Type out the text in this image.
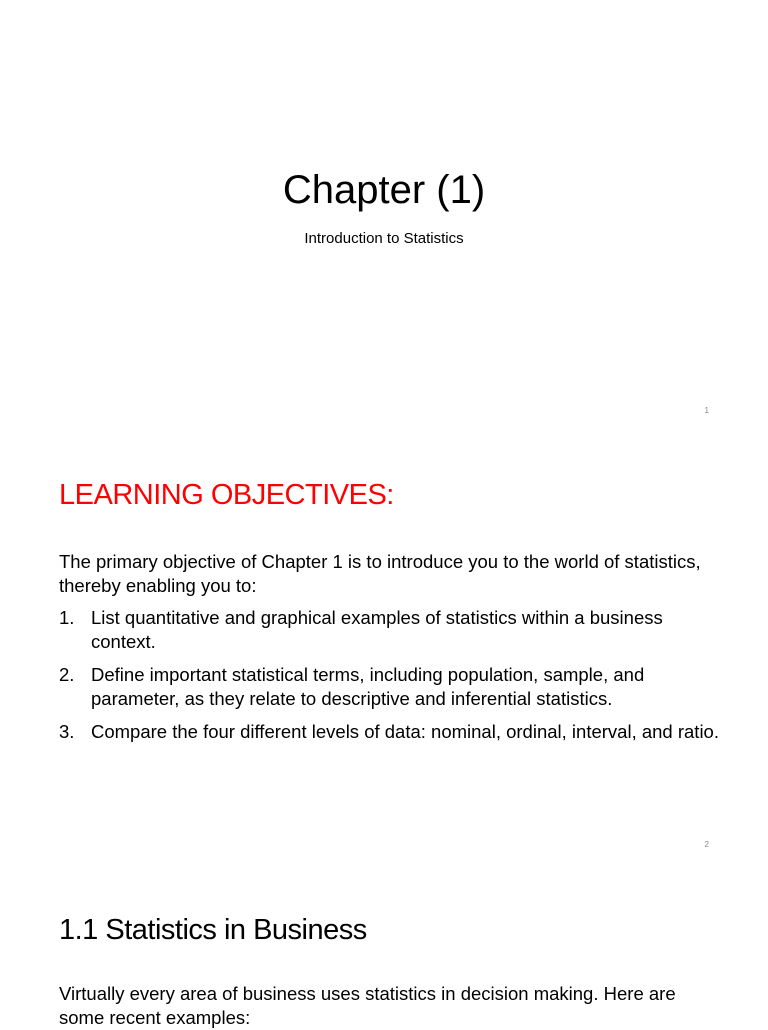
Chapter (1)
Introduction to Statistics
1
LEARNING OBJECTIVES:
The primary objective of Chapter 1 is to introduce you to the world of statistics, thereby enabling you to:
1. List quantitative and graphical examples of statistics within a business context.
2. Define important statistical terms, including population, sample, and parameter, as they relate to descriptive and inferential statistics.
3. Compare the four different levels of data: nominal, ordinal, interval, and ratio.
2
1.1 Statistics in Business
Virtually every area of business uses statistics in decision making. Here are some recent examples:
